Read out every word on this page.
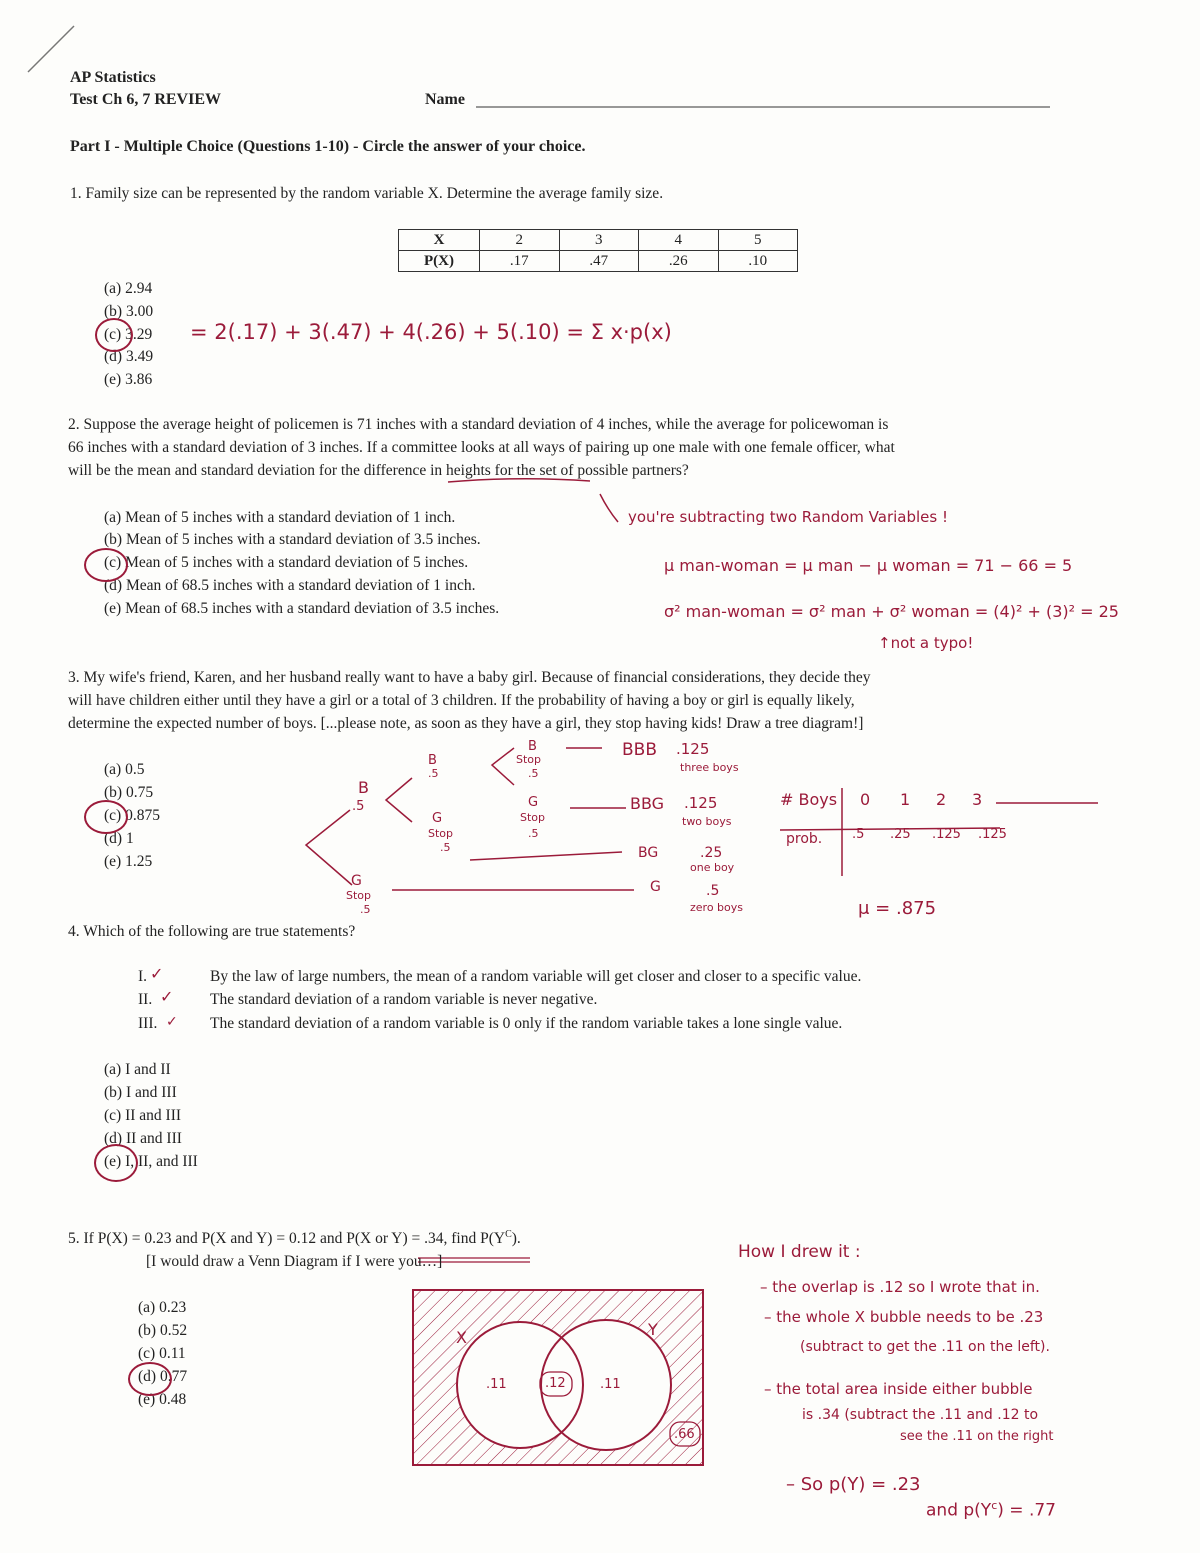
AP Statistics
Test Ch 6, 7 REVIEW	Name
Part I - Multiple Choice (Questions 1-10) - Circle the answer of your choice.
1. Family size can be represented by the random variable X. Determine the average family size.
X	2	3	4	5
P(X)	.17	.47	.26	.10
(a) 2.94
(b) 3.00
(c) 3.29
(d) 3.49
(e) 3.86
= 2(.17) + 3(.47) + 4(.26) + 5(.10) = Σ x·p(x)
2. Suppose the average height of policemen is 71 inches with a standard deviation of 4 inches, while the average for policewoman is
66 inches with a standard deviation of 3 inches. If a committee looks at all ways of pairing up one male with one female officer, what
will be the mean and standard deviation for the difference in heights for the set of possible partners?
(a) Mean of 5 inches with a standard deviation of 1 inch.
(b) Mean of 5 inches with a standard deviation of 3.5 inches.
(c) Mean of 5 inches with a standard deviation of 5 inches.
(d) Mean of 68.5 inches with a standard deviation of 1 inch.
(e) Mean of 68.5 inches with a standard deviation of 3.5 inches.
you're subtracting two Random Variables !
μ man-woman = μ man − μ woman = 71 − 66 = 5
σ² man-woman = σ² man + σ² woman = (4)² + (3)² = 25
↑not a typo!
3. My wife's friend, Karen, and her husband really want to have a baby girl. Because of financial considerations, they decide they
will have children either until they have a girl or a total of 3 children. If the probability of having a boy or girl is equally likely,
determine the expected number of boys. [...please note, as soon as they have a girl, they stop having kids! Draw a tree diagram!]
(a) 0.5
(b) 0.75
(c) 0.875
(d) 1
(e) 1.25
B
.5
G
Stop
.5
B
.5
G
Stop
.5
B
Stop
.5
G
Stop
.5
BBB .125
three boys
BBG .125
two boys
BG	.25
one boy
G	.5
zero boys
# Boys 0 1 2 3
prob. .5 .25 .125 .125
μ = .875
4. Which of the following are true statements?
I. ✓	By the law of large numbers, the mean of a random variable will get closer and closer to a specific value.
II. ✓ The standard deviation of a random variable is never negative.
III. ✓ The standard deviation of a random variable is 0 only if the random variable takes a lone single value.
(a) I and II
(b) I and III
(c) II and III
(d) II and III
(e) I, II, and III
5. If P(X) = 0.23 and P(X and Y) = 0.12 and P(X or Y) = .34, find $P(Y^C)$.
[I would draw a Venn Diagram if I were you…]
(a) 0.23
(b) 0.52
(c) 0.11
(d) 0.77
(e) 0.48
X	Y
.11	.12	.11
.66
How I drew it :
– the overlap is .12 so I wrote that in.
– the whole X bubble needs to be .23
(subtract to get the .11 on the left).
– the total area inside either bubble
is .34 (subtract the .11 and .12 to
see the .11 on the right
– So p(Y) = .23
and $p(Y^c) = .77$
